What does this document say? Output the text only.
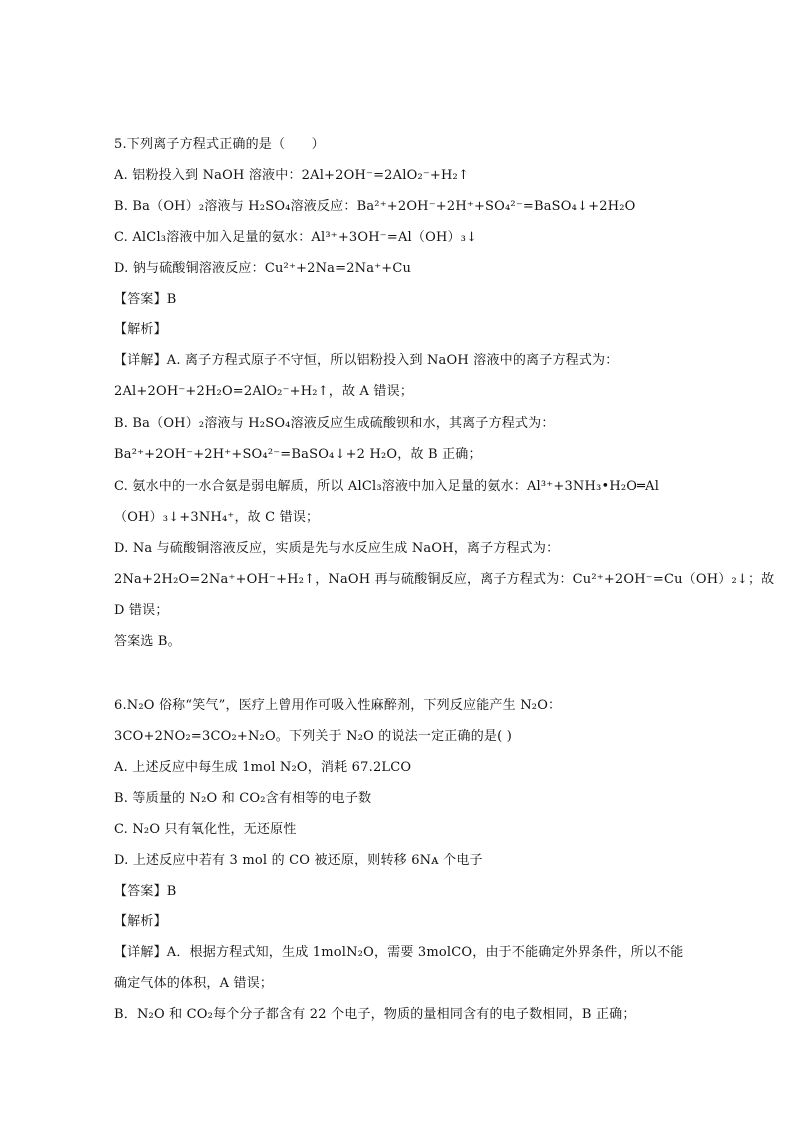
5.下列离子方程式正确的是（　　）
A. 铝粉投入到 NaOH 溶液中：2Al+2OH⁻=2AlO₂⁻+H₂↑
B. Ba（OH）₂溶液与 H₂SO₄溶液反应：Ba²⁺+2OH⁻+2H⁺+SO₄²⁻=BaSO₄↓+2H₂O
C. AlCl₃溶液中加入足量的氨水：Al³⁺+3OH⁻=Al（OH）₃↓
D. 钠与硫酸铜溶液反应：Cu²⁺+2Na=2Na⁺+Cu
【答案】B
【解析】
【详解】A. 离子方程式原子不守恒，所以铝粉投入到 NaOH 溶液中的离子方程式为：
2Al+2OH⁻+2H₂O=2AlO₂⁻+H₂↑，故 A 错误；
B. Ba（OH）₂溶液与 H₂SO₄溶液反应生成硫酸钡和水，其离子方程式为：
Ba²⁺+2OH⁻+2H⁺+SO₄²⁻=BaSO₄↓+2 H₂O，故 B 正确；
C. 氨水中的一水合氨是弱电解质，所以 AlCl₃溶液中加入足量的氨水：Al³⁺+3NH₃•H₂O═Al
（OH）₃↓+3NH₄⁺，故 C 错误；
D. Na 与硫酸铜溶液反应，实质是先与水反应生成 NaOH，离子方程式为：
2Na+2H₂O=2Na⁺+OH⁻+H₂↑，NaOH 再与硫酸铜反应，离子方程式为：Cu²⁺+2OH⁻=Cu（OH）₂↓；故
D 错误；
答案选 B。
6.N₂O 俗称“笑气”，医疗上曾用作可吸入性麻醉剂，下列反应能产生 N₂O：
3CO+2NO₂=3CO₂+N₂O。下列关于 N₂O 的说法一定正确的是( )
A. 上述反应中每生成 1mol N₂O，消耗 67.2LCO
B. 等质量的 N₂O 和 CO₂含有相等的电子数
C. N₂O 只有氧化性，无还原性
D. 上述反应中若有 3 mol 的 CO 被还原，则转移 6Nᴀ 个电子
【答案】B
【解析】
【详解】A．根据方程式知，生成 1molN₂O，需要 3molCO，由于不能确定外界条件，所以不能
确定气体的体积，A 错误；
B．N₂O 和 CO₂每个分子都含有 22 个电子，物质的量相同含有的电子数相同，B 正确；
